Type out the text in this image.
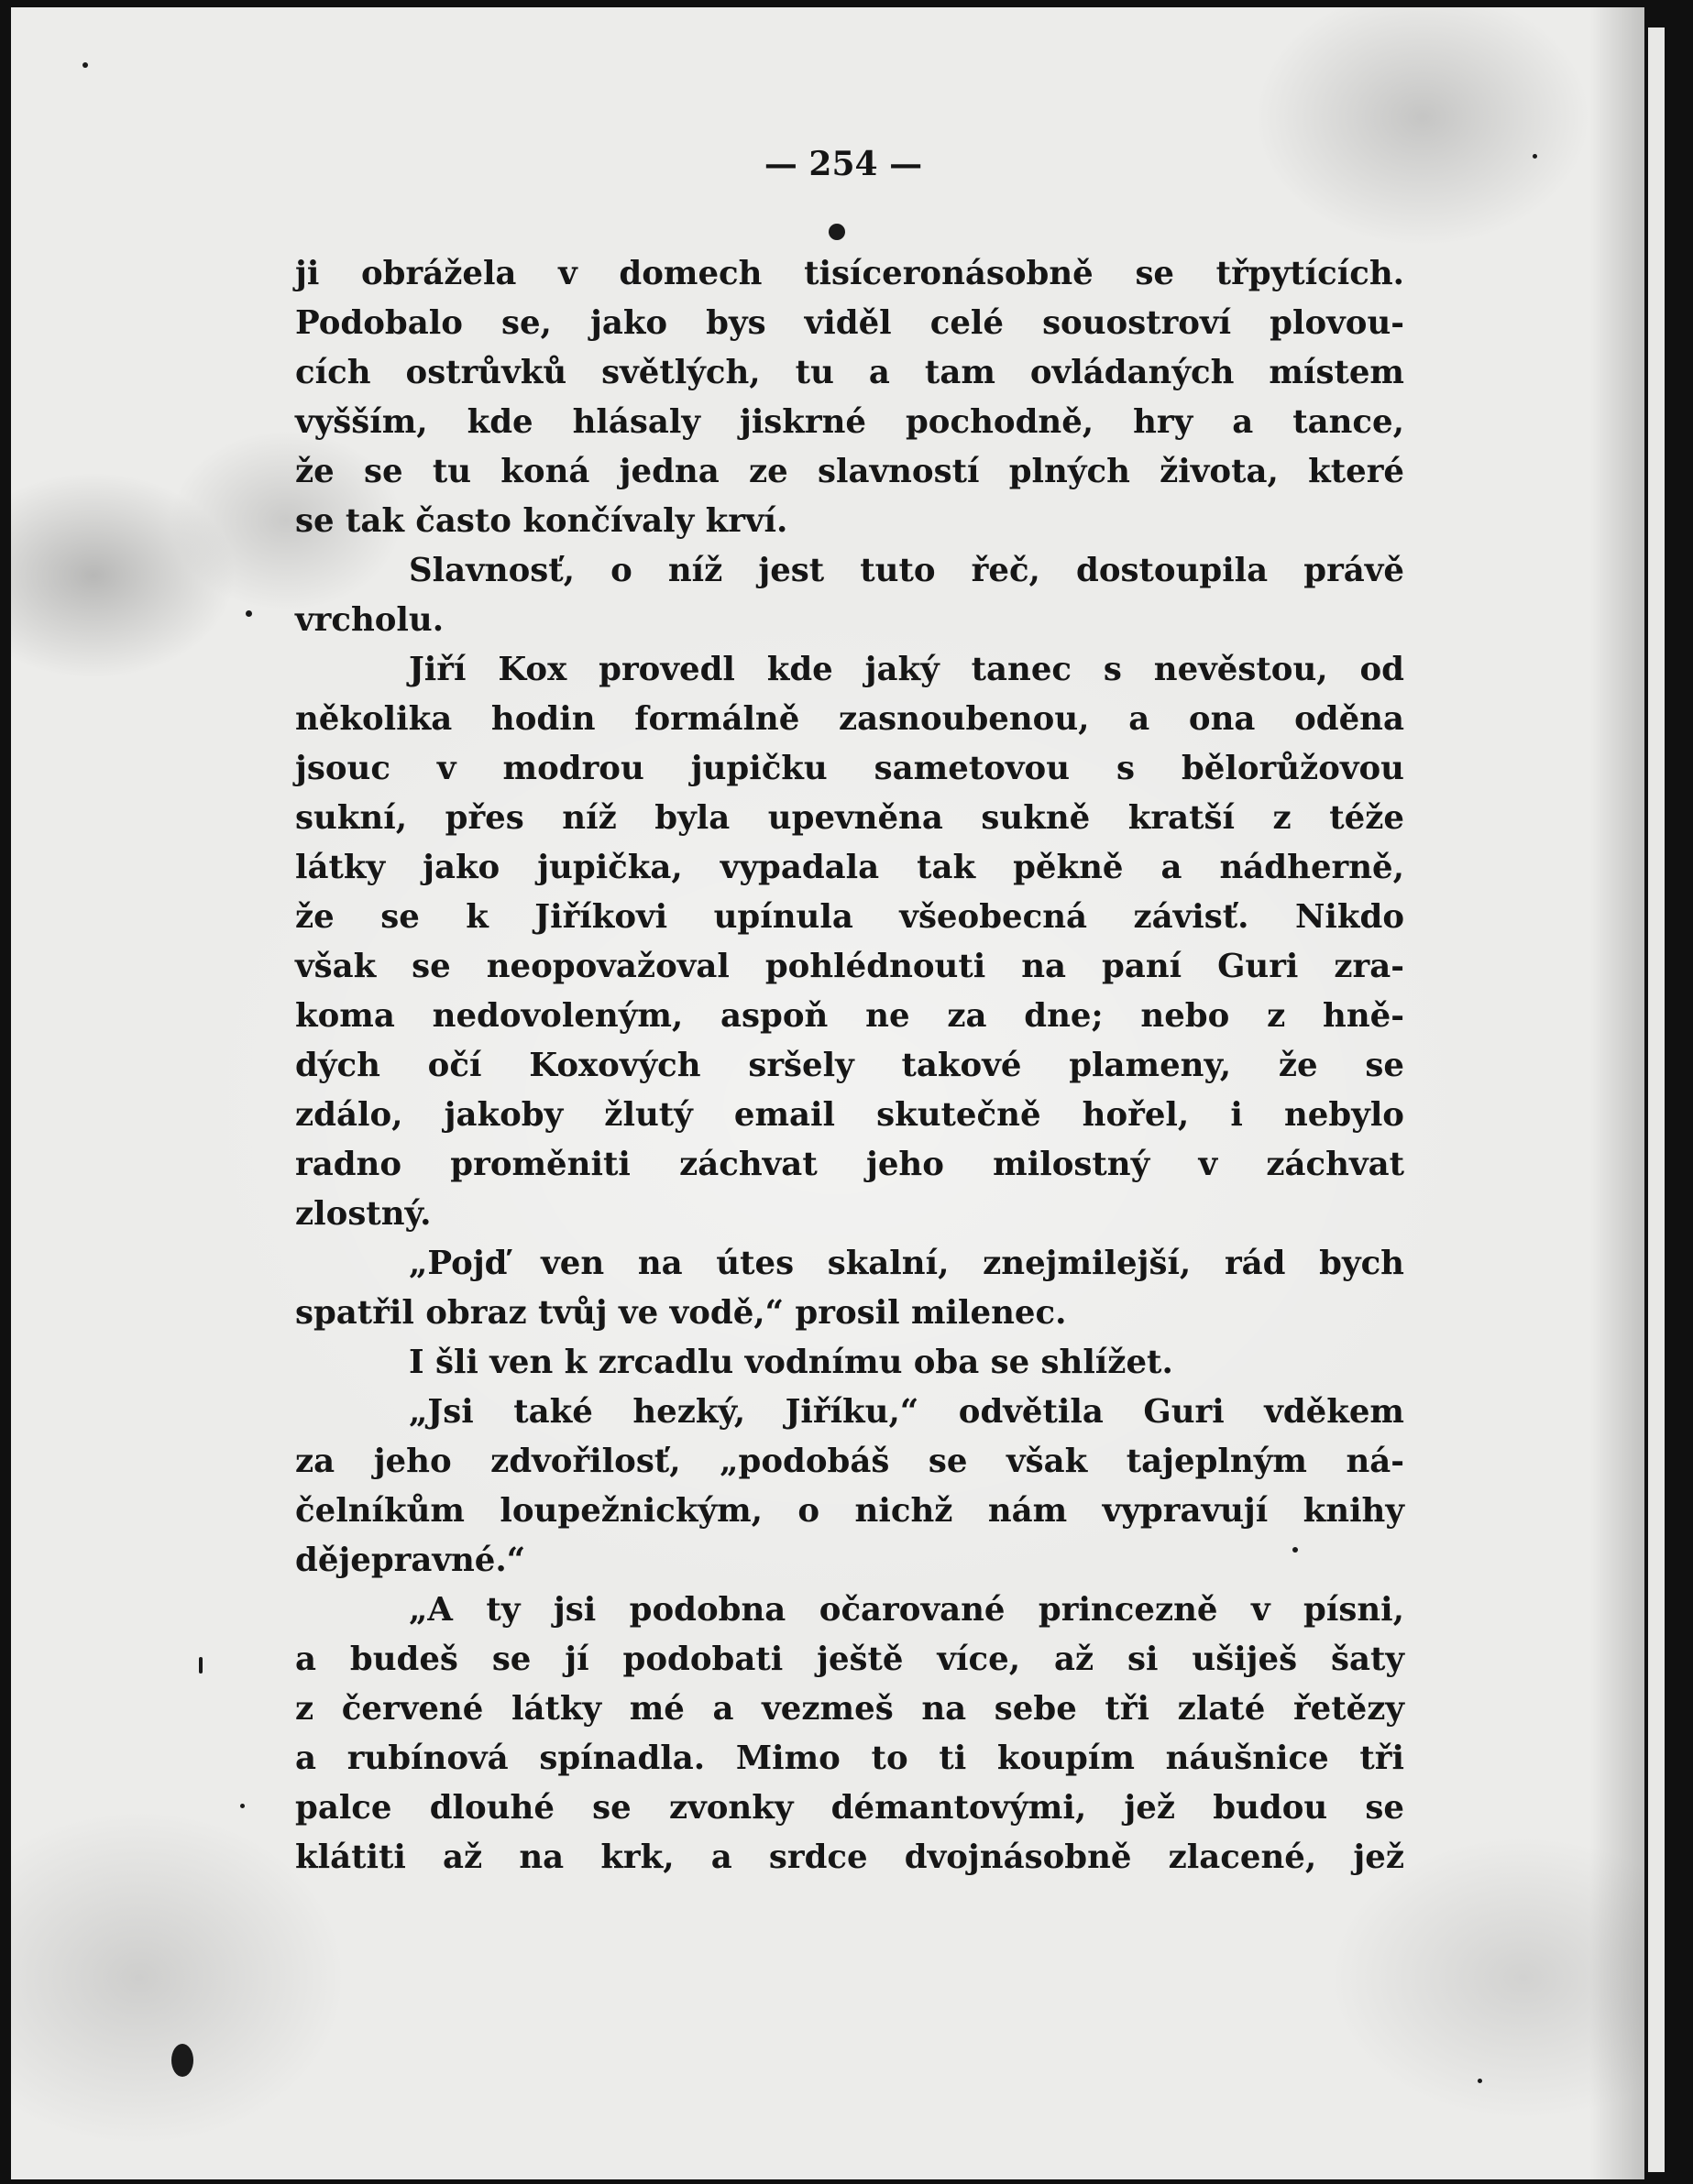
— 254 —
ji obrážela v domech tisíceronásobně se třpytících.
Podobalo se, jako bys viděl celé souostroví plovou-
cích ostrůvků světlých, tu a tam ovládaných místem
vyšším, kde hlásaly jiskrné pochodně, hry a tance,
že se tu koná jedna ze slavností plných života, které
se tak často končívaly krví.
Slavnosť, o níž jest tuto řeč, dostoupila právě
vrcholu.
Jiří Kox provedl kde jaký tanec s nevěstou, od
několika hodin formálně zasnoubenou, a ona oděna
jsouc v modrou jupičku sametovou s bělorůžovou
sukní, přes níž byla upevněna sukně kratší z téže
látky jako jupička, vypadala tak pěkně a nádherně,
že se k Jiříkovi upínula všeobecná závisť. Nikdo
však se neopovažoval pohlédnouti na paní Guri zra-
koma nedovoleným, aspoň ne za dne; nebo z hně-
dých očí Koxových sršely takové plameny, že se
zdálo, jakoby žlutý email skutečně hořel, i nebylo
radno proměniti záchvat jeho milostný v záchvat
zlostný.
„Pojď ven na útes skalní, znejmilejší, rád bych
spatřil obraz tvůj ve vodě,“ prosil milenec.
I šli ven k zrcadlu vodnímu oba se shlížet.
„Jsi také hezký, Jiříku,“ odvětila Guri vděkem
za jeho zdvořilosť, „podobáš se však tajeplným ná-
čelníkům loupežnickým, o nichž nám vypravují knihy
dějepravné.“
„A ty jsi podobna očarované princezně v písni,
a budeš se jí podobati ještě více, až si ušiješ šaty
z červené látky mé a vezmeš na sebe tři zlaté řetězy
a rubínová spínadla. Mimo to ti koupím náušnice tři
palce dlouhé se zvonky démantovými, jež budou se
klátiti až na krk, a srdce dvojnásobně zlacené, jež
